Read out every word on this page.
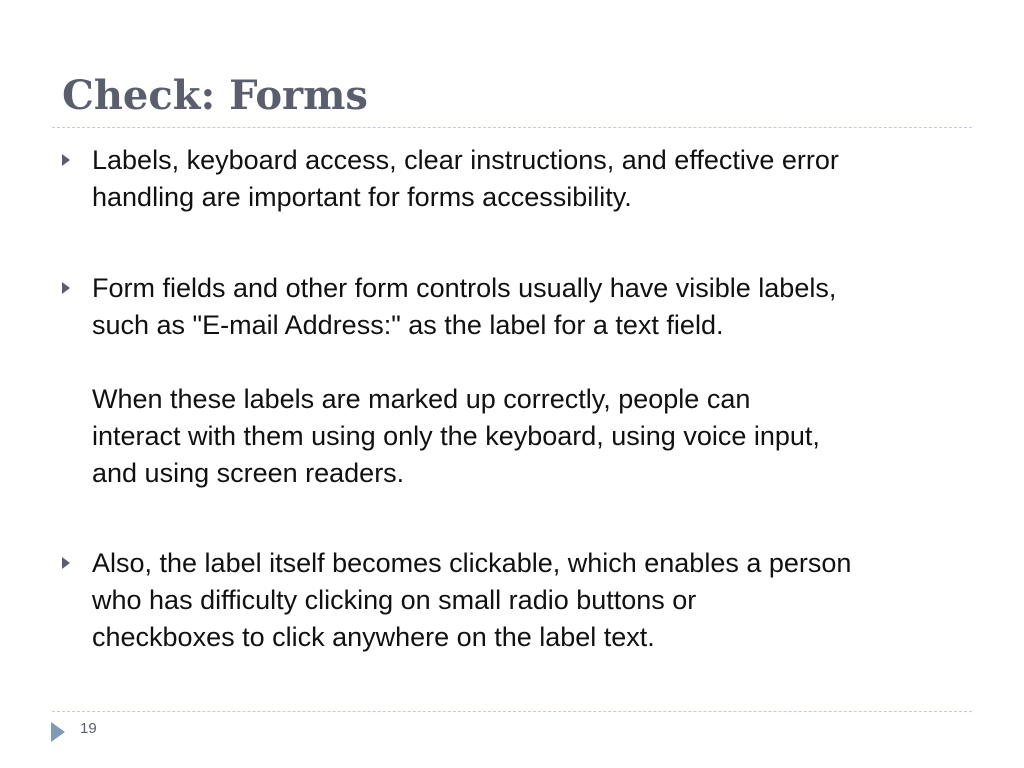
Check: Forms

Labels, keyboard access, clear instructions, and effective error
handling are important for forms accessibility.

Form fields and other form controls usually have visible labels,
such as "E-mail Address:" as the label for a text field.
When these labels are marked up correctly, people can
interact with them using only the keyboard, using voice input,
and using screen readers.

Also, the label itself becomes clickable, which enables a person
who has difficulty clicking on small radio buttons or
checkboxes to click anywhere on the label text.

19
